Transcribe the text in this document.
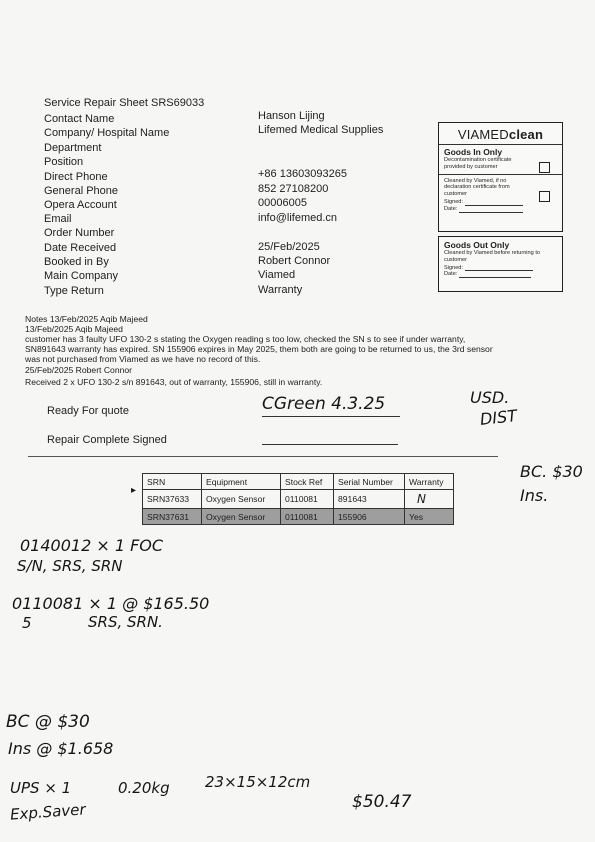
Service Repair Sheet SRS69033
Contact Name	Hanson Lijing
Company/ Hospital Name	Lifemed Medical Supplies
Department
Position
Direct Phone	+86 13603093265
General Phone	852 27108200
Opera Account	00006005
Email	info@lifemed.cn
Order Number
Date Received	25/Feb/2025
Booked in By	Robert Connor
Main Company	Viamed
Type Return	Warranty
VIAMEDclean
Goods In Only
Decontamination certificate provided by customer
Cleaned by Viamed, if no declaration certificate from customer
Signed:
Date:
Goods Out Only
Cleaned by Viamed before returning to customer
Signed:
Date:
Notes 13/Feb/2025 Aqib Majeed
13/Feb/2025 Aqib Majeed
customer has 3 faulty UFO 130-2 s stating the Oxygen reading s too low, checked the SN s to see if under warranty,
SN891643 warranty has expired. SN 155906 expires in May 2025, them both are going to be returned to us, the 3rd sensor
was not purchased from Viamed as we have no record of this.
25/Feb/2025 Robert Connor
Received 2 x UFO 130-2 s/n 891643, out of warranty, 155906, still in warranty.
Ready For quote	CGreen 4.3.25	USD.
DIST
Repair Complete Signed
SRN	Equipment	Stock Ref	Serial Number	Warranty
SRN37633	Oxygen Sensor	0110081	891643	N
SRN37631	Oxygen Sensor	0110081	155906	Yes
▸
BC. $30
Ins.
0140012 × 1 FOC
S/N, SRS, SRN
0110081 × 1 @ $165.50
5	SRS, SRN.
BC @ $30
Ins @ $1.658
UPS × 1	0.20kg 23×15×12cm
Exp.Saver	$50.47
